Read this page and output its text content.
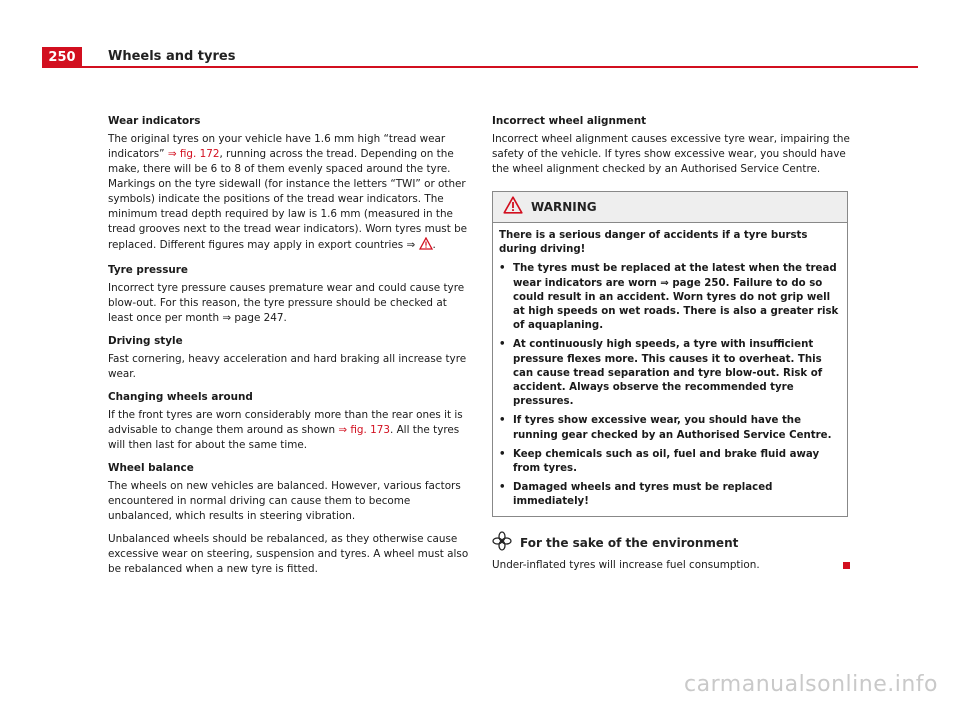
250	Wheels and tyres
Wear indicators
The original tyres on your vehicle have 1.6 mm high “tread wear indicators” ⇒ fig. 172, running across the tread. Depending on the make, there will be 6 to 8 of them evenly spaced around the tyre. Markings on the tyre sidewall (for instance the letters “TWI” or other symbols) indicate the positions of the tread wear indicators. The minimum tread depth required by law is 1.6 mm (measured in the tread grooves next to the tread wear indicators). Worn tyres must be replaced. Different figures may apply in export countries ⇒ .
Tyre pressure
Incorrect tyre pressure causes premature wear and could cause tyre blow-out. For this reason, the tyre pressure should be checked at least once per month ⇒ page 247.
Driving style
Fast cornering, heavy acceleration and hard braking all increase tyre wear.
Changing wheels around
If the front tyres are worn considerably more than the rear ones it is advisable to change them around as shown ⇒ fig. 173. All the tyres will then last for about the same time.
Wheel balance
The wheels on new vehicles are balanced. However, various factors encountered in normal driving can cause them to become unbalanced, which results in steering vibration.
Unbalanced wheels should be rebalanced, as they otherwise cause excessive wear on steering, suspension and tyres. A wheel must also be rebalanced when a new tyre is fitted.
Incorrect wheel alignment
Incorrect wheel alignment causes excessive tyre wear, impairing the safety of the vehicle. If tyres show excessive wear, you should have the wheel alignment checked by an Authorised Service Centre.
WARNING

There is a serious danger of accidents if a tyre bursts during driving!

• The tyres must be replaced at the latest when the tread wear indicators are worn ⇒ page 250. Failure to do so could result in an accident. Worn tyres do not grip well at high speeds on wet roads. There is also a greater risk of aquaplaning.
• At continuously high speeds, a tyre with insufficient pressure flexes more. This causes it to overheat. This can cause tread separation and tyre blow-out. Risk of accident. Always observe the recommended tyre pressures.
• If tyres show excessive wear, you should have the running gear checked by an Authorised Service Centre.
• Keep chemicals such as oil, fuel and brake fluid away from tyres.
• Damaged wheels and tyres must be replaced immediately!
For the sake of the environment
Under-inflated tyres will increase fuel consumption.
carmanualsonline.info
